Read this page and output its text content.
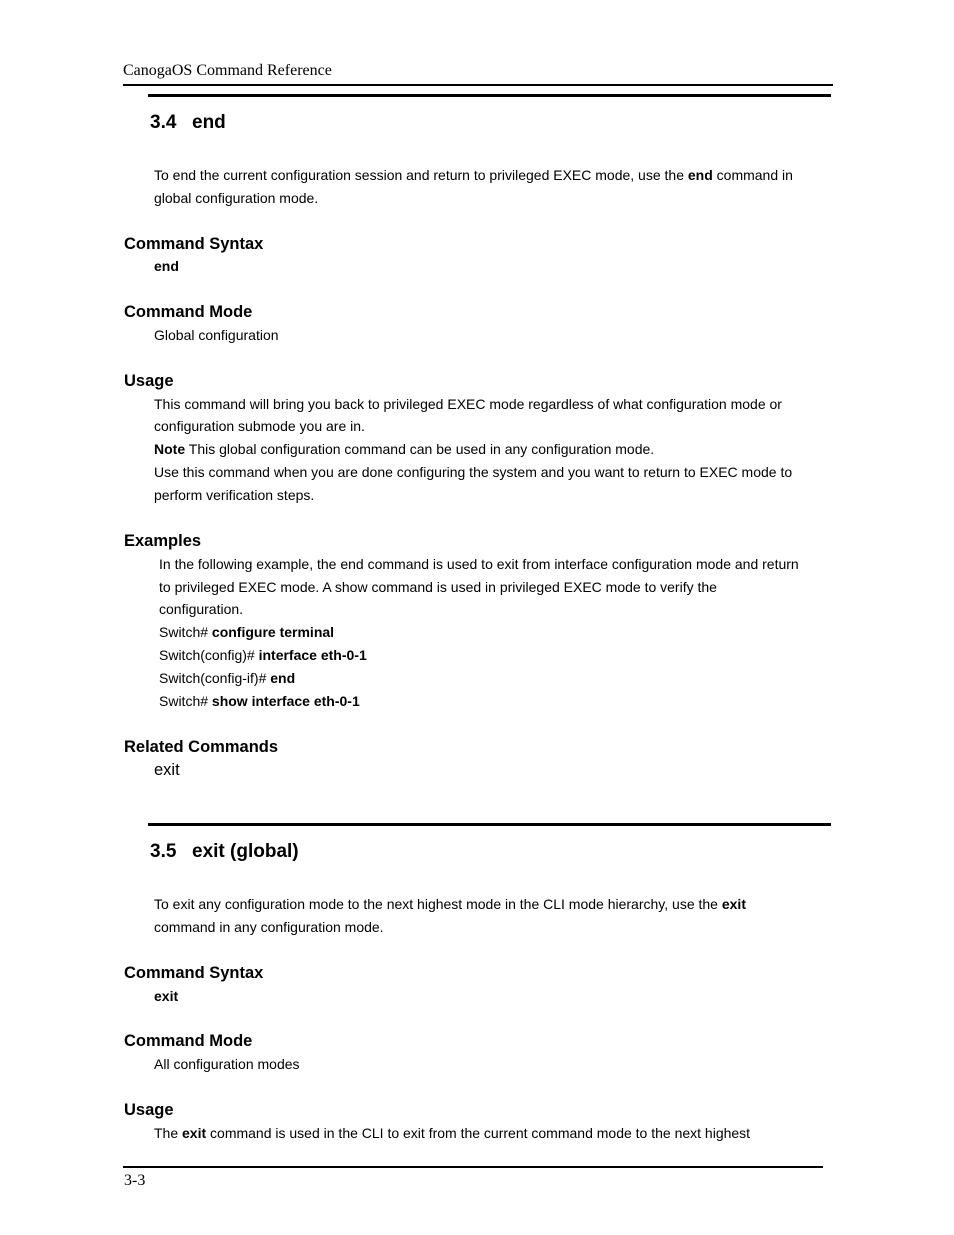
CanogaOS Command Reference
3.4 end
To end the current configuration session and return to privileged EXEC mode, use the end command in
global configuration mode.
Command Syntax
end
Command Mode
Global configuration
Usage
This command will bring you back to privileged EXEC mode regardless of what configuration mode or
configuration submode you are in.
Note This global configuration command can be used in any configuration mode.
Use this command when you are done configuring the system and you want to return to EXEC mode to
perform verification steps.
Examples
In the following example, the end command is used to exit from interface configuration mode and return
to privileged EXEC mode. A show command is used in privileged EXEC mode to verify the
configuration.
Switch# configure terminal
Switch(config)# interface eth-0-1
Switch(config-if)# end
Switch# show interface eth-0-1
Related Commands
exit
3.5 exit (global)
To exit any configuration mode to the next highest mode in the CLI mode hierarchy, use the exit
command in any configuration mode.
Command Syntax
exit
Command Mode
All configuration modes
Usage
The exit command is used in the CLI to exit from the current command mode to the next highest
3-3
